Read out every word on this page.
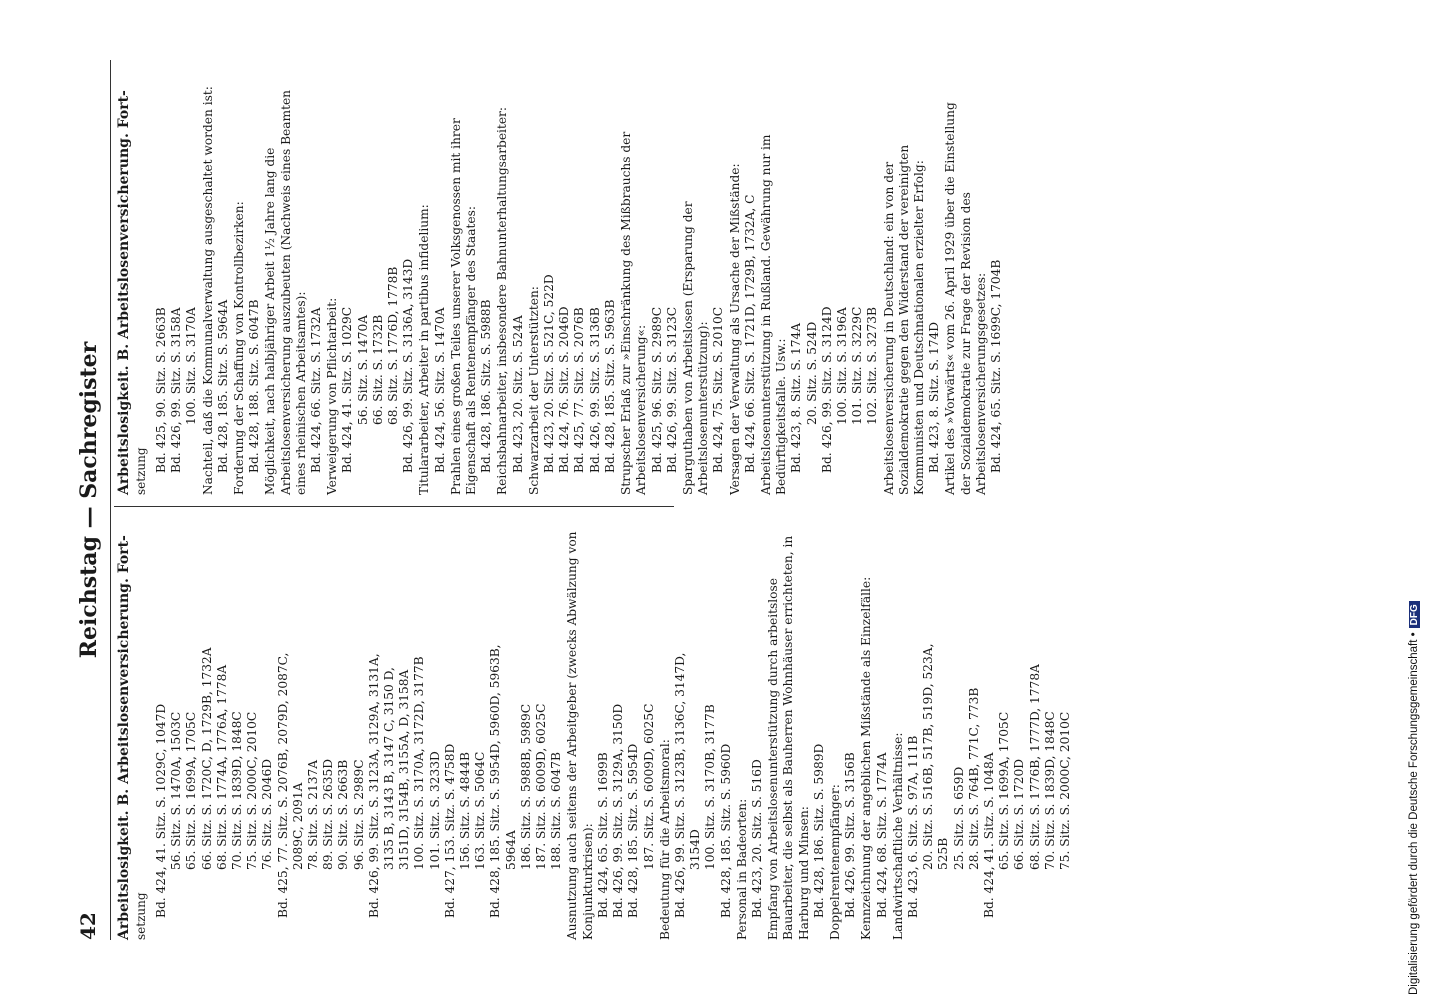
42
Reichstag — Sachregister
Arbeitslosigkeit. B. Arbeitslosenversicherung. Fort- setzung Bd. 424, 41. Sitz. S. 1029C, 1047D 56. Sitz. S. 1470A, 1503C 65. Sitz. S. 1699A, 1705C 66. Sitz. S. 1720C, D, 1729B, 1732A 68. Sitz. S. 1774A, 1776A, 1778A 70. Sitz. S. 1839D, 1848C 75. Sitz. S. 2000C, 2010C 76. Sitz. S. 2046D Bd. 425, 77. Sitz. S. 2076B, 2079D, 2087C, 2089C, 2091A 78. Sitz. S. 2137A 89. Sitz. S. 2635D 90. Sitz. S. 2663B 96. Sitz. S. 2989C Bd. 426, 99. Sitz. S. 3123A, 3129A, 3131A, 3135 B, 3143 B, 3147 C, 3150 D, 3151D, 3154B, 3155A, D, 3158A 100. Sitz. S. 3170A, 3172D, 3177B 101. Sitz. S. 3233D Bd. 427, 153. Sitz. S. 4758D 156. Sitz. S. 4844B 163. Sitz. S. 5064C Bd. 428, 185. Sitz. S. 5954D, 5960D, 5963B, 5964A 186. Sitz. S. 5988B, 5989C 187. Sitz. S. 6009D, 6025C 188. Sitz. S. 6047B Ausnutzung auch seitens der Arbeitgeber (zwecks Abwälzung von Konjunkturkrisen): Bd. 424, 65. Sitz. S. 1699B Bd. 426, 99. Sitz. S. 3129A, 3150D Bd. 428, 185. Sitz. S. 5954D 187. Sitz. S. 6009D, 6025C Bedeutung für die Arbeitsmoral: Bd. 426, 99. Sitz. S. 3123B, 3136C, 3147D, 3154D 100. Sitz. S. 3170B, 3177B Bd. 428, 185. Sitz. S. 5960D Personal in Badeorten: Bd. 423, 20. Sitz. S. 516D Empfang von Arbeitslosenunterstützung durch arbeitslose Bauarbeiter, die selbst als Bauherren Wohnhäuser errichteten, in Harburg und Minsen: Bd. 428, 186. Sitz. S. 5989D Doppelrentenempfänger: Bd. 426, 99. Sitz. S. 3156B Kennzeichnung der angeblichen Mißstände als Einzelfälle: Bd. 424, 68. Sitz. S. 1774A Landwirtschaftliche Verhältnisse: Bd. 423, 6. Sitz. S. 97A, 111B 20. Sitz. S. 516B, 517B, 519D, 523A, 525B 25. Sitz. S. 659D 28. Sitz. S. 764B, 771C, 773B Bd. 424, 41. Sitz. S. 1048A 65. Sitz. S. 1699A, 1705C 66. Sitz. S. 1720D 68. Sitz. S. 1776B, 1777D, 1778A 70. Sitz. S. 1839D, 1848C 75. Sitz. S. 2000C, 2010C
Arbeitslosigkeit. B. Arbeitslosenversicherung. Fort- setzung Bd. 425, 90. Sitz. S. 2663B Bd. 426, 99. Sitz. S. 3158A 100. Sitz. S. 3170A Nachteil, daß die Kommunalverwaltung ausgeschaltet worden ist: Bd. 428, 185. Sitz. S. 5964A Forderung der Schaffung von Kontrollbezirken: Bd. 428, 188. Sitz. S. 6047B Möglichkeit, nach halbjähriger Arbeit 1½ Jahre lang die Arbeitslosenversicherung auszubeuten (Nachweis eines Beamten eines rheinischen Arbeitsamtes): Bd. 424, 66. Sitz. S. 1732A Verweigerung von Pflichtarbeit: Bd. 424, 41. Sitz. S. 1029C 56. Sitz. S. 1470A 66. Sitz. S. 1732B 68. Sitz. S. 1776D, 1778B Bd. 426, 99. Sitz. S. 3136A, 3143D Titulararbeiter, Arbeiter in partibus infidelium: Bd. 424, 56. Sitz. S. 1470A Prahlen eines großen Teiles unserer Volksgenossen mit ihrer Eigenschaft als Rentenempfänger des Staates: Bd. 428, 186. Sitz. S. 5988B Reichsbahnarbeiter, insbesondere Bahnunterhaltungsarbeiter: Bd. 423, 20. Sitz. S. 524A Schwarzarbeit der Unterstützten: Bd. 423, 20. Sitz. S. 521C, 522D Bd. 424, 76. Sitz. S. 2046D Bd. 425, 77. Sitz. S. 2076B Bd. 426, 99. Sitz. S. 3136B Bd. 428, 185. Sitz. S. 5963B Strupscher Erlaß zur »Einschränkung des Mißbrauchs der Arbeitslosenversicherung«: Bd. 425, 96. Sitz. S. 2989C Bd. 426, 99. Sitz. S. 3123C Sparguthaben von Arbeitslosen (Ersparung der Arbeitslosenunterstützung): Bd. 424, 75. Sitz. S. 2010C Versagen der Verwaltung als Ursache der Mißstände: Bd. 424, 66. Sitz. S. 1721D, 1729B, 1732A, C Arbeitslosenunterstützung in Rußland. Gewährung nur im Bedürftigkeitsfalle. Usw.: Bd. 423, 8. Sitz. S. 174A 20. Sitz. S. 524D Bd. 426, 99. Sitz. S. 3124D 100. Sitz. S. 3196A 101. Sitz. S. 3229C 102. Sitz. S. 3273B Arbeitslosenversicherung in Deutschland: ein von der Sozialdemokratie gegen den Widerstand der vereinigten Kommunisten und Deutschnationalen erzielter Erfolg: Bd. 423, 8. Sitz. S. 174D Artikel des »Vorwärts« vom 26. April 1929 über die Einstellung der Sozialdemokratie zur Frage der Revision des Arbeitslosenversicherungsgesetzes: Bd. 424, 65. Sitz. S. 1699C, 1704B
Digitalisierung gefördert durch die Deutsche Forschungsgemeinschaft •DFG
